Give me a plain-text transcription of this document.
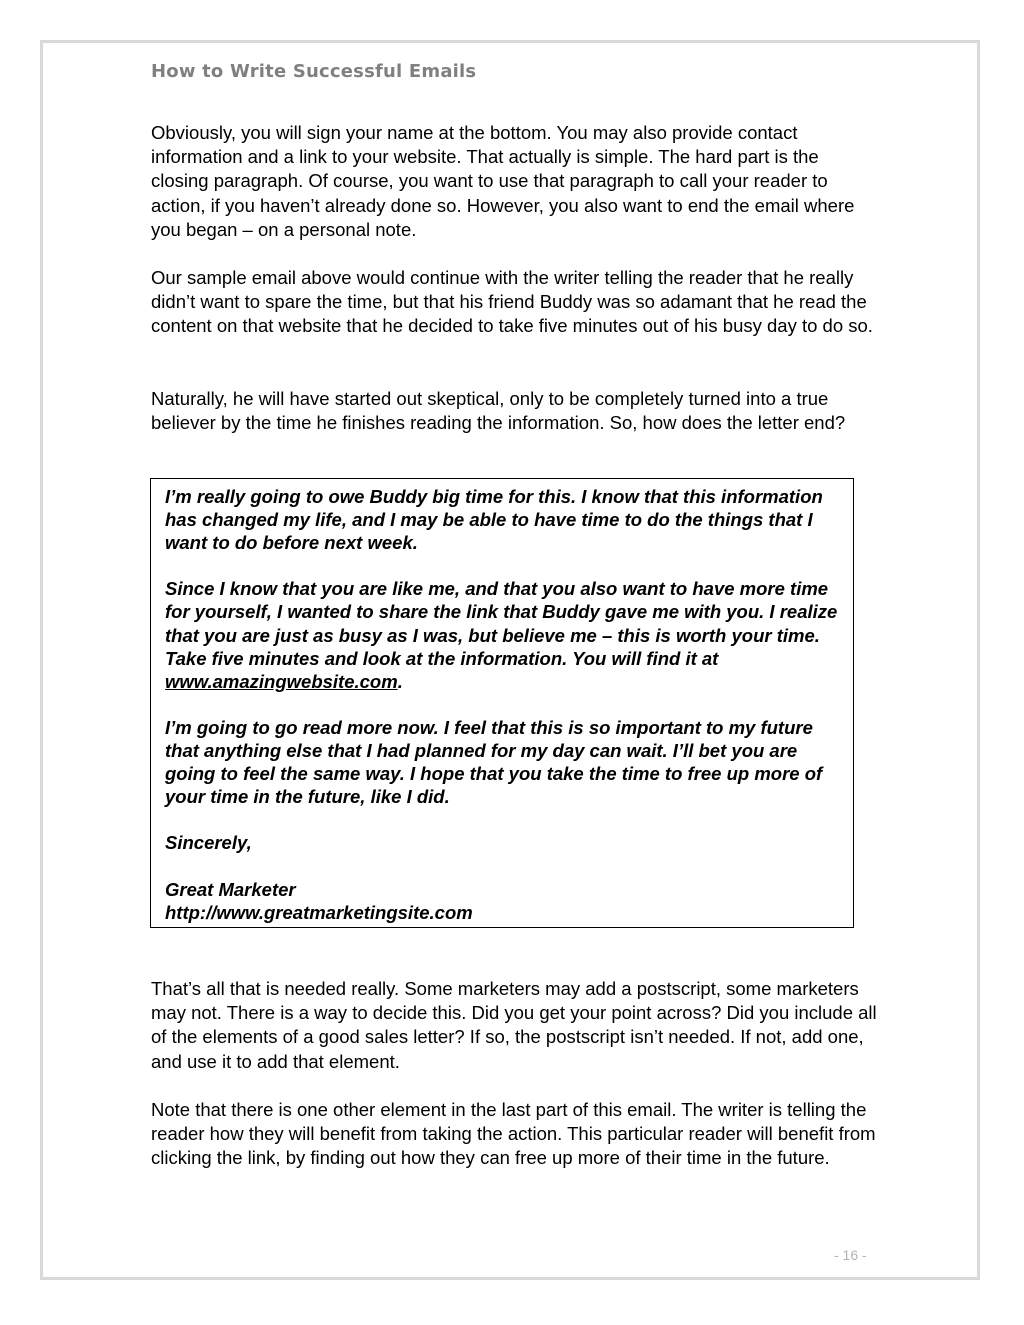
How to Write Successful Emails

Obviously, you will sign your name at the bottom. You may also provide contact information and a link to your website. That actually is simple. The hard part is the closing paragraph. Of course, you want to use that paragraph to call your reader to action, if you haven’t already done so. However, you also want to end the email where you began – on a personal note.

Our sample email above would continue with the writer telling the reader that he really didn’t want to spare the time, but that his friend Buddy was so adamant that he read the content on that website that he decided to take five minutes out of his busy day to do so.

Naturally, he will have started out skeptical, only to be completely turned into a true believer by the time he finishes reading the information. So, how does the letter end?

I’m really going to owe Buddy big time for this. I know that this information has changed my life, and I may be able to have time to do the things that I want to do before next week.

Since I know that you are like me, and that you also want to have more time for yourself, I wanted to share the link that Buddy gave me with you. I realize that you are just as busy as I was, but believe me – this is worth your time. Take five minutes and look at the information. You will find it at www.amazingwebsite.com.

I’m going to go read more now. I feel that this is so important to my future that anything else that I had planned for my day can wait. I’ll bet you are going to feel the same way. I hope that you take the time to free up more of your time in the future, like I did.

Sincerely,

Great Marketer

http://www.greatmarketingsite.com

That’s all that is needed really. Some marketers may add a postscript, some marketers may not. There is a way to decide this. Did you get your point across? Did you include all of the elements of a good sales letter? If so, the postscript isn’t needed. If not, add one, and use it to add that element.

Note that there is one other element in the last part of this email. The writer is telling the reader how they will benefit from taking the action. This particular reader will benefit from clicking the link, by finding out how they can free up more of their time in the future.

- 16 -
